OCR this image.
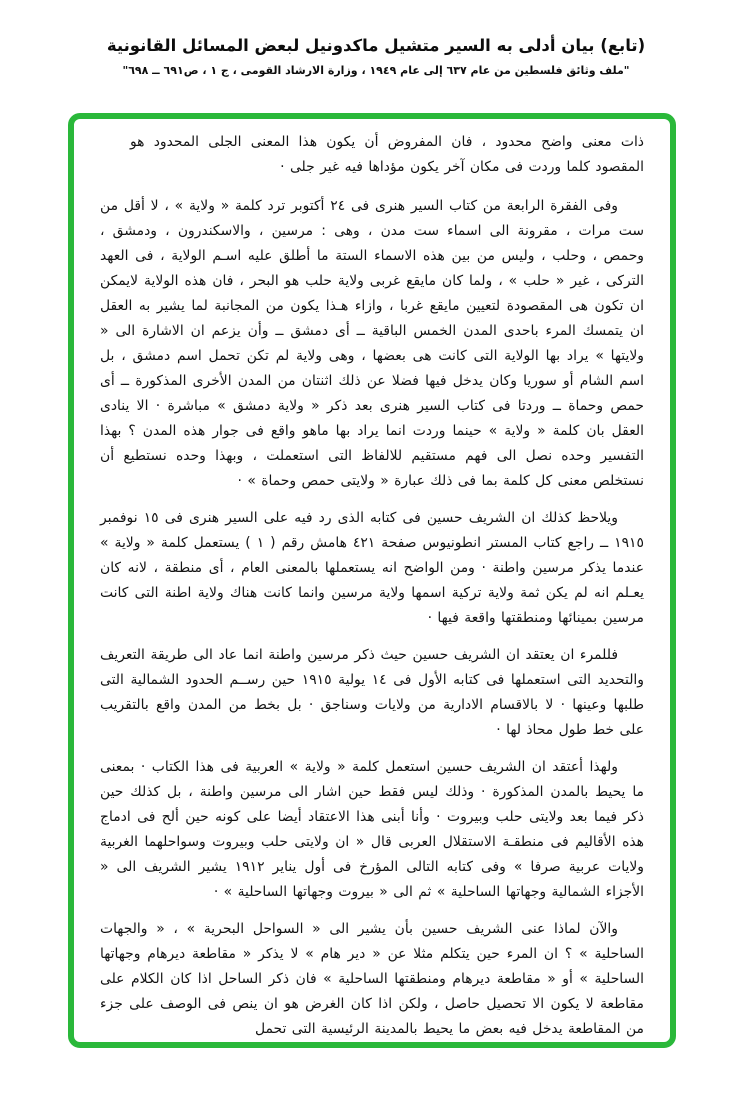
(تابع) بيان أدلى به السير متشيل ماكدونيل لبعض المسائل القانونية
"ملف وثائق فلسطين من عام ٦٣٧ إلى عام ١٩٤٩ ، وزارة الارشاد القومى ، ج ١ ، ص٦٩١ ــ ٦٩٨"

ذات معنى واضح محدود ، فان المفروض أن يكون هذا المعنى الجلى المحدود هو المقصود كلما وردت فى مكان آخر يكون مؤداها فيه غير جلى ·

وفى الفقرة الرابعة من كتاب السير هنرى فى ٢٤ أكتوبر ترد كلمة « ولاية » ، لا أقل من ست مرات ، مقرونة الى اسماء ست مدن ، وهى : مرسين ، والاسكندرون ، ودمشق ، وحمص ، وحلب ، وليس من بين هذه الاسماء الستة ما أطلق عليه اسـم الولاية ، فى العهد التركى ، غير « حلب » ، ولما كان مايقع غربى ولاية حلب هو البحر ، فان هذه الولاية لايمكن ان تكون هى المقصودة لتعيين مايقع غربا ، وازاء هـذا يكون من المجانبة لما يشير به العقل ان يتمسك المرء باحدى المدن الخمس الباقية ــ أى دمشق ــ وأن يزعم ان الاشارة الى « ولايتها » يراد بها الولاية التى كانت هى بعضها ، وهى ولاية لم تكن تحمل اسم دمشق ، بل اسم الشام أو سوريا وكان يدخل فيها فضلا عن ذلك اثنتان من المدن الأخرى المذكورة ــ أى حمص وحماة ــ وردتا فى كتاب السير هنرى بعد ذكر « ولاية دمشق » مباشرة · الا ينادى العقل بان كلمة « ولاية » حينما وردت انما يراد بها ماهو واقع فى جوار هذه المدن ؟ بهذا التفسير وحده نصل الى فهم مستقيم للالفاظ التى استعملت ، وبهذا وحده نستطيع أن نستخلص معنى كل كلمة بما فى ذلك عبارة « ولايتى حمص وحماة » ·

ويلاحظ كذلك ان الشريف حسين فى كتابه الذى رد فيه على السير هنرى فى ١٥ نوفمبر ١٩١٥ ــ راجع كتاب المستر انطونيوس صفحة ٤٢١ هامش رقم ( ١ ) يستعمل كلمة « ولاية » عندما يذكر مرسين واطنة · ومن الواضح انه يستعملها بالمعنى العام ، أى منطقة ، لانه كان يعـلم انه لم يكن ثمة ولاية تركية اسمها ولاية مرسين وانما كانت هناك ولاية اطنة التى كانت مرسين بمينائها ومنطقتها واقعة فيها ·

فللمرء ان يعتقد ان الشريف حسين حيث ذكر مرسين واطنة انما عاد الى طريقة التعريف والتحديد التى استعملها فى كتابه الأول فى ١٤ يولية ١٩١٥ حين رســم الحدود الشمالية التى طلبها وعينها · لا بالاقسام الادارية من ولايات وسناجق · بل بخط من المدن واقع بالتقريب على خط طول محاذ لها ·

ولهذا أعتقد ان الشريف حسين استعمل كلمة « ولاية » العربية فى هذا الكتاب · بمعنى ما يحيط بالمدن المذكورة · وذلك ليس فقط حين اشار الى مرسين واطنة ، بل كذلك حين ذكر فيما بعد ولايتى حلب وبيروت · وأنا أبنى هذا الاعتقاد أيضا على كونه حين ألح فى ادماج هذه الأقاليم فى منطقـة الاستقلال العربى قال « ان ولايتى حلب وبيروت وسواحلهما الغربية ولايات عربية صرفا » وفى كتابه التالى المؤرخ فى أول يناير ١٩١٢ يشير الشريف الى « الأجزاء الشمالية وجهاتها الساحلية » ثم الى « بيروت وجهاتها الساحلية » ·

والآن لماذا عنى الشريف حسين بأن يشير الى « السواحل البحرية » ، « والجهات الساحلية » ؟ ان المرء حين يتكلم مثلا عن « دير هام » لا يذكر « مقاطعة ديرهام وجهاتها الساحلية » أو « مقاطعة ديرهام ومنطقتها الساحلية » فان ذكر الساحل اذا كان الكلام على مقاطعة لا يكون الا تحصيل حاصل ، ولكن اذا كان الغرض هو ان ينص فى الوصف على جزء من المقاطعة يدخل فيه بعض ما يحيط بالمدينة الرئيسية التى تحمل
